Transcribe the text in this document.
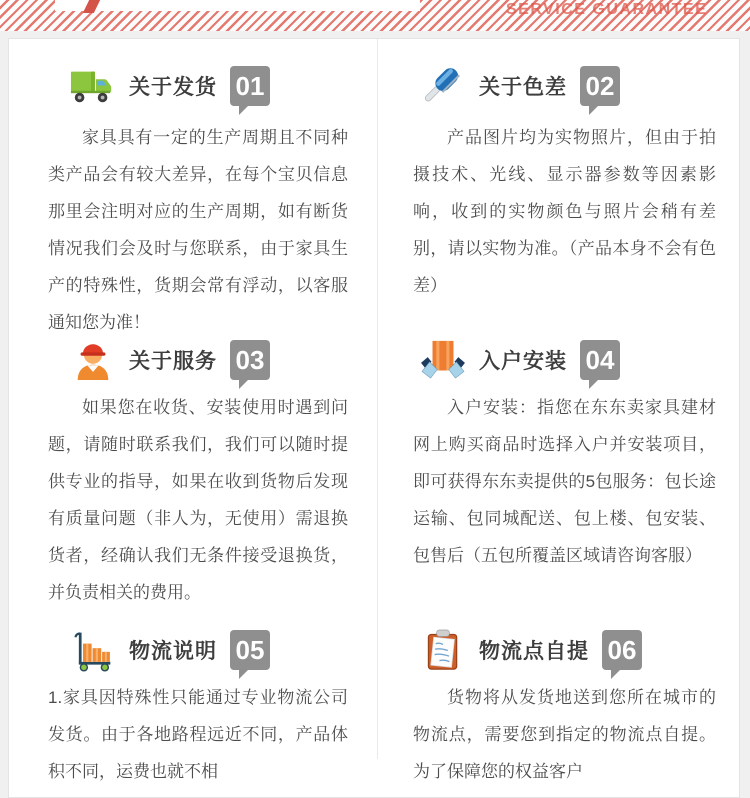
SERVICE GUARANTEE
关于发货 01
家具具有一定的生产周期且不同种类产品会有较大差异，在每个宝贝信息那里会注明对应的生产周期，如有断货情况我们会及时与您联系，由于家具生产的特殊性，货期会常有浮动，以客服通知您为准！
关于色差 02
产品图片均为实物照片，但由于拍摄技术、光线、显示器参数等因素影响，收到的实物颜色与照片会稍有差别，请以实物为准。（产品本身不会有色差）
关于服务 03
如果您在收货、安装使用时遇到问题，请随时联系我们，我们可以随时提供专业的指导，如果在收到货物后发现有质量问题（非人为，无使用）需退换货者，经确认我们无条件接受退换货，并负责相关的费用。
入户安装 04
入户安装：指您在东东卖家具建材网上购买商品时选择入户并安装项目，即可获得东东卖提供的5包服务：包长途运输、包同城配送、包上楼、包安装、包售后（五包所覆盖区域请咨询客服）
物流说明 05
1.家具因特殊性只能通过专业物流公司发货。由于各地路程远近不同，产品体积不同，运费也就不相
物流点自提 06
货物将从发货地送到您所在城市的物流点，需要您到指定的物流点自提。为了保障您的权益客户
